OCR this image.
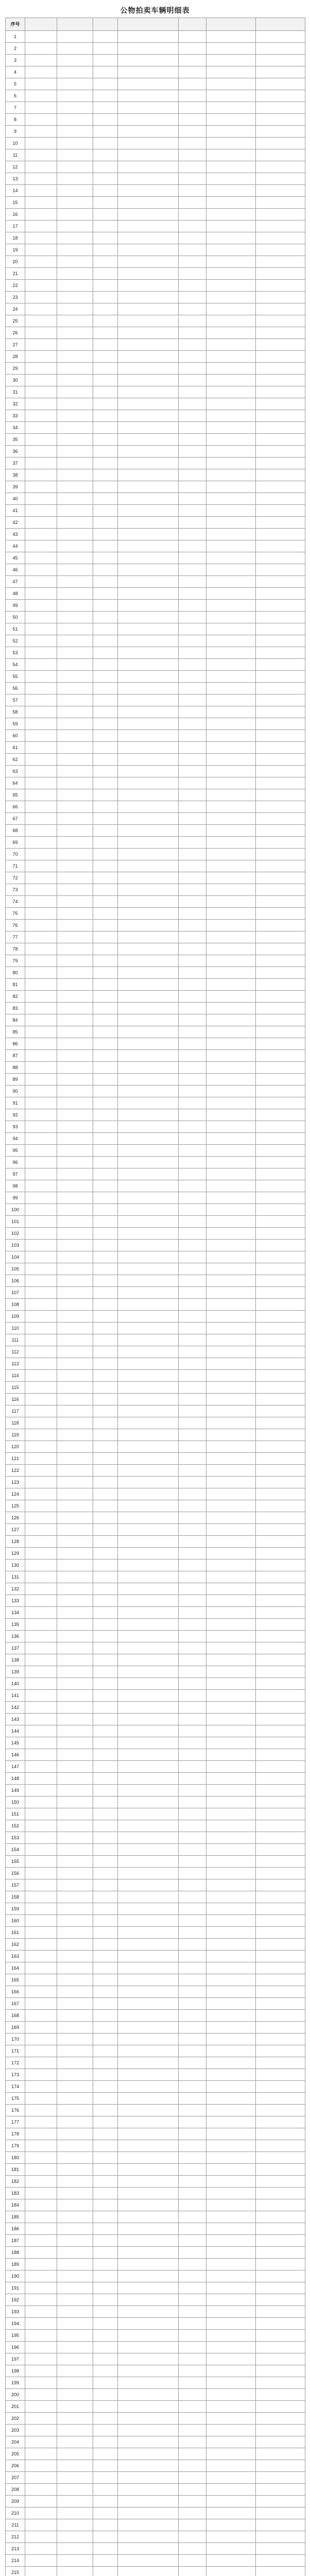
公物拍卖车辆明细表
序号							
1							
2							
3							
4							
5							
6							
7							
8							
9							
10							
11							
12							
13							
14							
15							
16							
17							
18							
19							
20							
21							
22							
23							
24							
25							
26							
27							
28							
29							
30							
31							
32							
33							
34							
35							
36							
37							
38							
39							
40							
41							
42							
43							
44							
45							
46							
47							
48							
49							
50							
51							
52							
53							
54							
55							
56							
57							
58							
59							
60							
61							
62							
63							
64							
65							
66							
67							
68							
69							
70							
71							
72							
73							
74							
75							
76							
77							
78							
79							
80							
81							
82							
83							
84							
85							
86							
87							
88							
89							
90							
91							
92							
93							
94							
95							
96							
97							
98							
99							
100							
101							
102							
103							
104							
105							
106							
107							
108							
109							
110							
111							
112							
113							
114							
115							
116							
117							
118							
119							
120							
121							
122							
123							
124							
125							
126							
127							
128							
129							
130							
131							
132							
133							
134							
135							
136							
137							
138							
139							
140							
141							
142							
143							
144							
145							
146							
147							
148							
149							
150							
151							
152							
153							
154							
155							
156							
157							
158							
159							
160							
161							
162							
163							
164							
165							
166							
167							
168							
169							
170							
171							
172							
173							
174							
175							
176							
177							
178							
179							
180							
181							
182							
183							
184							
185							
186							
187							
188							
189							
190							
191							
192							
193							
194							
195							
196							
197							
198							
199							
200							
201							
202							
203							
204							
205							
206							
207							
208							
209							
210							
211							
212							
213							
214							
215							
